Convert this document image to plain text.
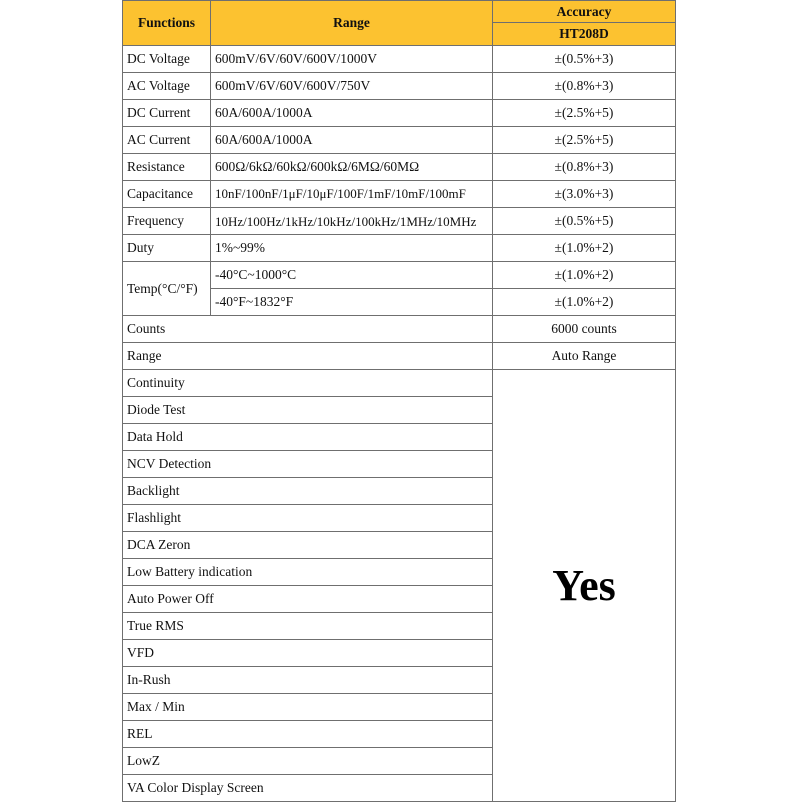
Functions	Range	Accuracy
		HT208D
DC Voltage	600mV/6V/60V/600V/1000V	±(0.5%+3)
AC Voltage	600mV/6V/60V/600V/750V	±(0.8%+3)
DC Current	60A/600A/1000A	±(2.5%+5)
AC Current	60A/600A/1000A	±(2.5%+5)
Resistance	600Ω/6kΩ/60kΩ/600kΩ/6MΩ/60MΩ	±(0.8%+3)
Capacitance	10nF/100nF/1μF/10μF/100F/1mF/10mF/100mF	±(3.0%+3)
Frequency	10Hz/100Hz/1kHz/10kHz/100kHz/1MHz/10MHz	±(0.5%+5)
Duty	1%~99%	±(1.0%+2)
Temp(°C/°F)	-40°C~1000°C	±(1.0%+2)
	-40°F~1832°F	±(1.0%+2)
Counts		6000 counts
Range		Auto Range
Continuity		Yes
Diode Test		
Data Hold		
NCV Detection		
Backlight		
Flashlight		
DCA Zeron		
Low Battery indication		
Auto Power Off		
True RMS		
VFD		
In-Rush		
Max / Min		
REL		
LowZ		
VA Color Display Screen		
